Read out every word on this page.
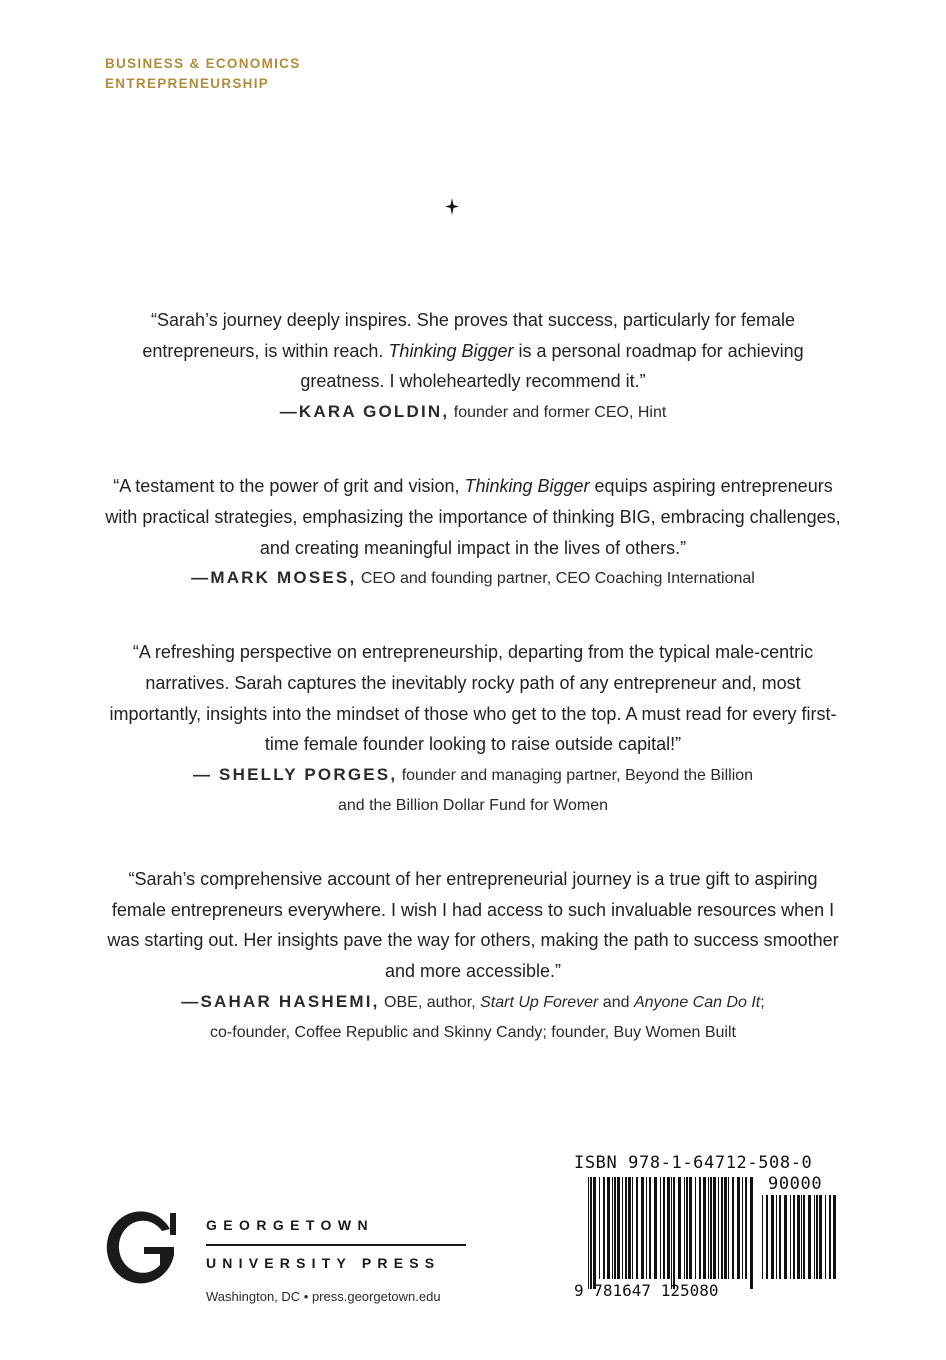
BUSINESS & ECONOMICS
ENTREPRENEURSHIP
“Sarah’s journey deeply inspires. She proves that success, particularly for female entrepreneurs, is within reach. Thinking Bigger is a personal roadmap for achieving greatness. I wholeheartedly recommend it.”
—KARA GOLDIN, founder and former CEO, Hint
“A testament to the power of grit and vision, Thinking Bigger equips aspiring entrepreneurs with practical strategies, emphasizing the importance of thinking BIG, embracing challenges, and creating meaningful impact in the lives of others.”
—MARK MOSES, CEO and founding partner, CEO Coaching International
“A refreshing perspective on entrepreneurship, departing from the typical male-centric narratives. Sarah captures the inevitably rocky path of any entrepreneur and, most importantly, insights into the mindset of those who get to the top. A must read for every first-time female founder looking to raise outside capital!”
— SHELLY PORGES, founder and managing partner, Beyond the Billion
and the Billion Dollar Fund for Women
“Sarah’s comprehensive account of her entrepreneurial journey is a true gift to aspiring female entrepreneurs everywhere. I wish I had access to such invaluable resources when I was starting out. Her insights pave the way for others, making the path to success smoother and more accessible.”
—SAHAR HASHEMI, OBE, author, Start Up Forever and Anyone Can Do It;
co-founder, Coffee Republic and Skinny Candy; founder, Buy Women Built
GEORGETOWN
UNIVERSITY PRESS
Washington, DC • press.georgetown.edu
ISBN 978-1-64712-508-0
90000
9 781647 125080
